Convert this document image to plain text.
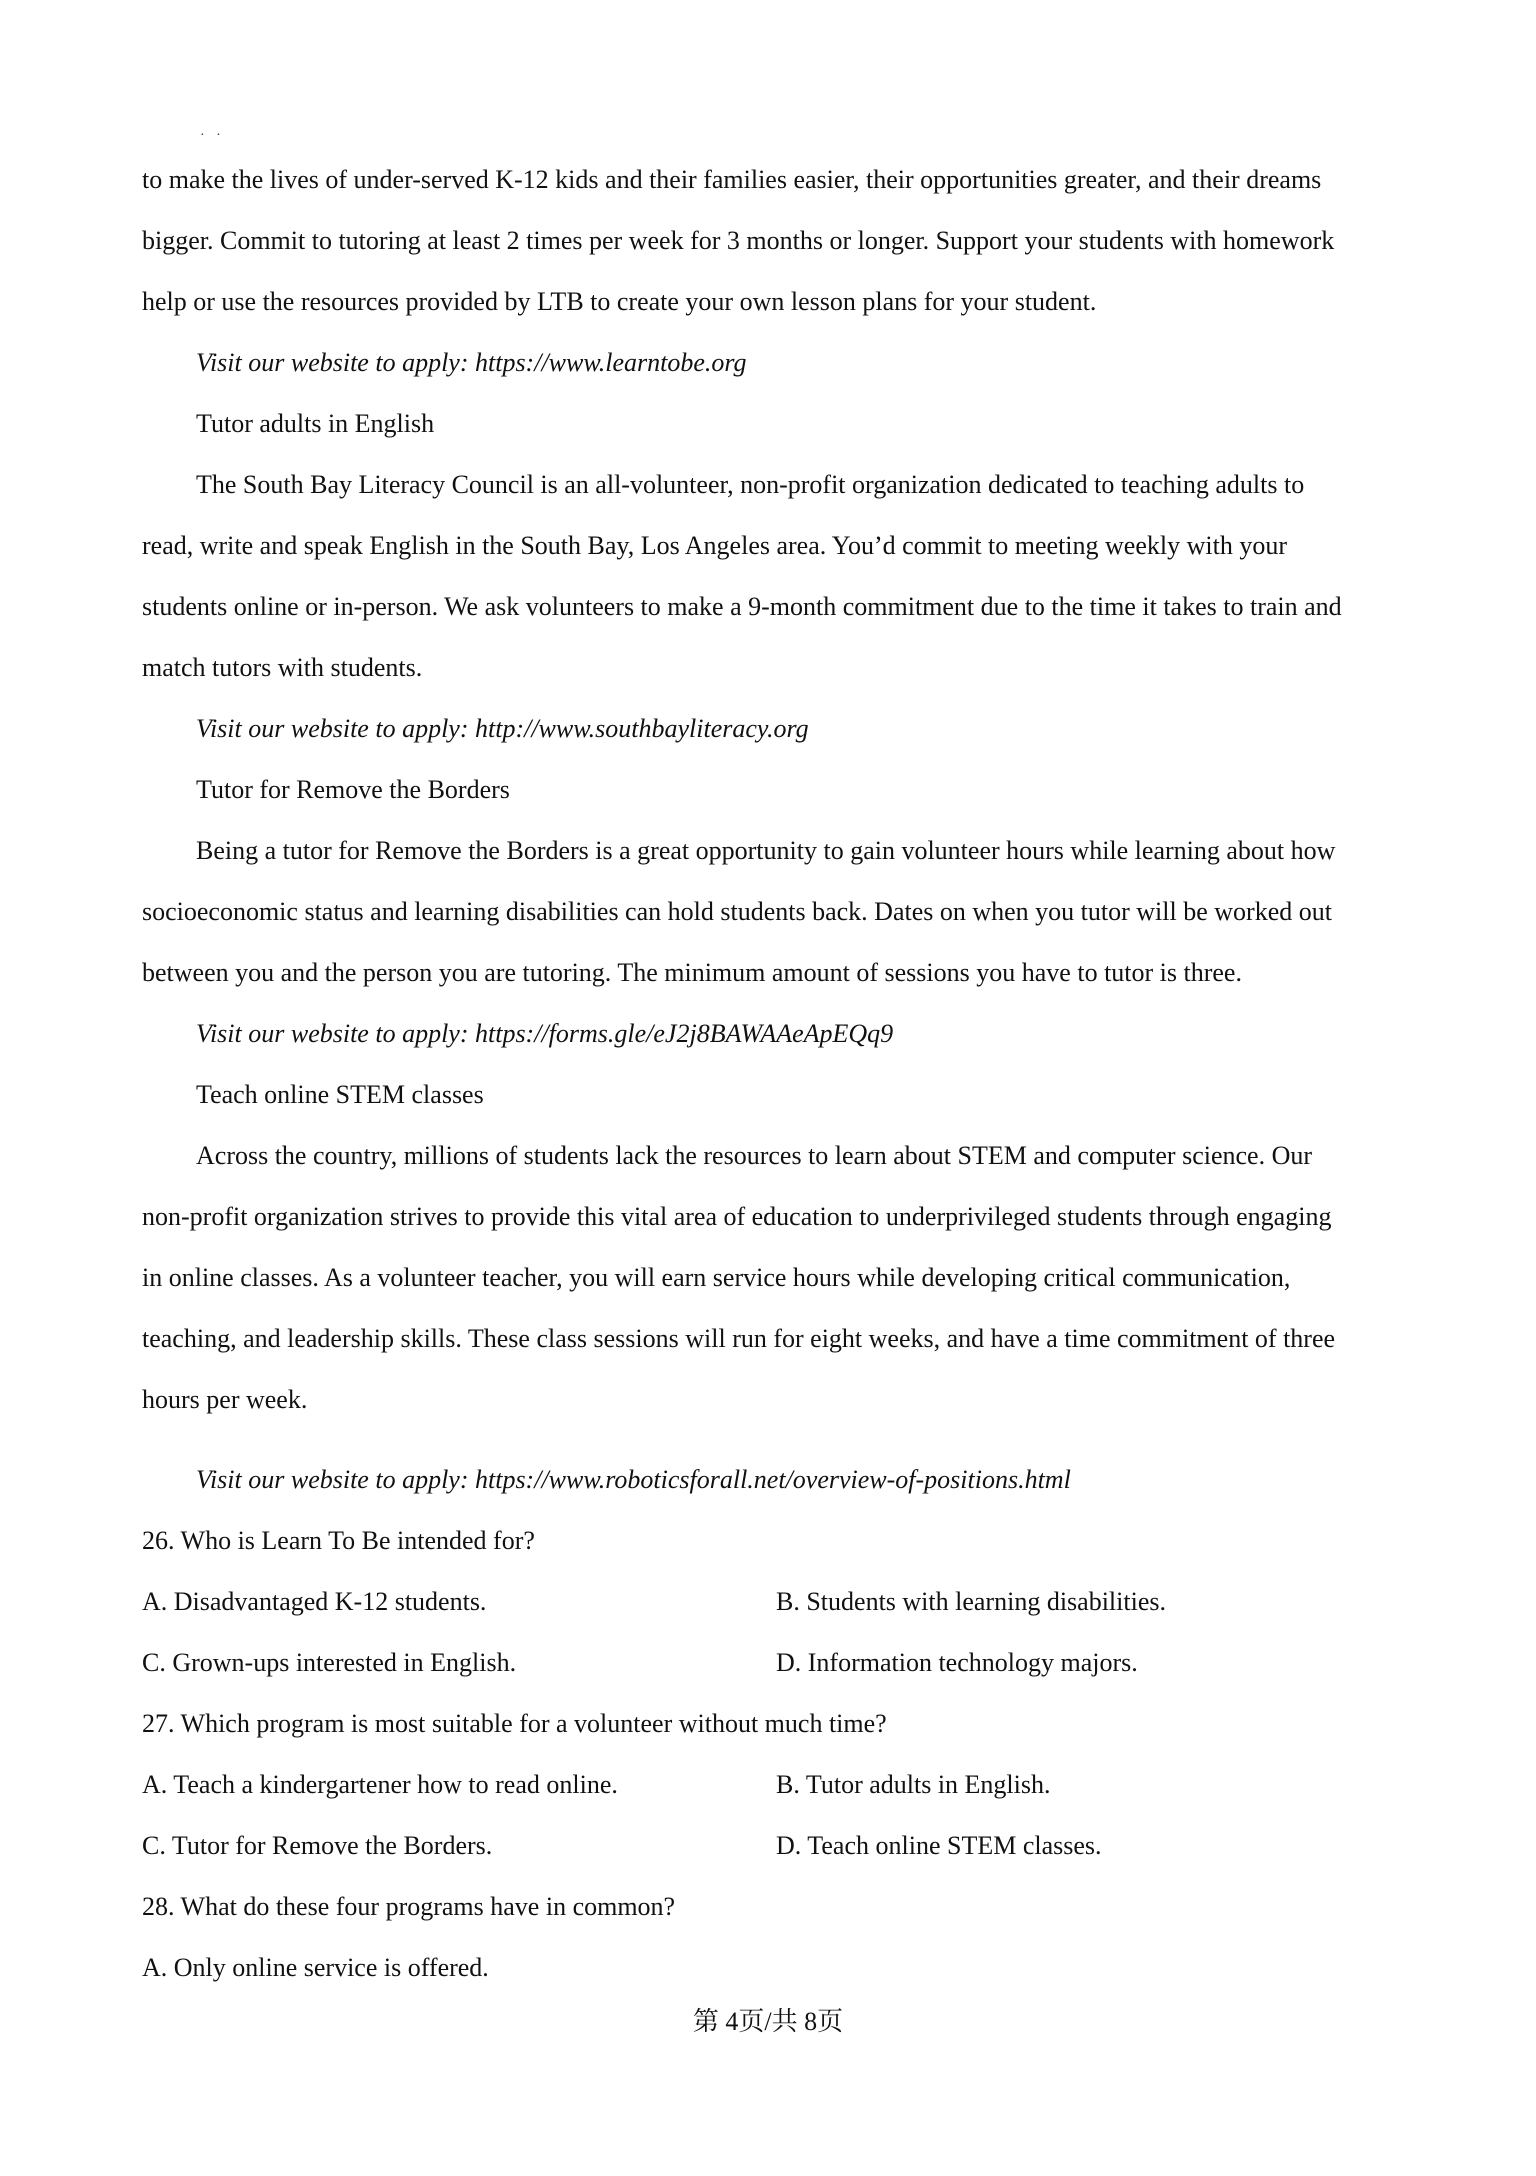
· ·
to make the lives of under-served K-12 kids and their families easier, their opportunities greater, and their dreams
bigger. Commit to tutoring at least 2 times per week for 3 months or longer. Support your students with homework
help or use the resources provided by LTB to create your own lesson plans for your student.
Visit our website to apply: https://www.learntobe.org
Tutor adults in English
The South Bay Literacy Council is an all-volunteer, non-profit organization dedicated to teaching adults to
read, write and speak English in the South Bay, Los Angeles area. You’d commit to meeting weekly with your
students online or in-person. We ask volunteers to make a 9-month commitment due to the time it takes to train and
match tutors with students.
Visit our website to apply: http://www.southbayliteracy.org
Tutor for Remove the Borders
Being a tutor for Remove the Borders is a great opportunity to gain volunteer hours while learning about how
socioeconomic status and learning disabilities can hold students back. Dates on when you tutor will be worked out
between you and the person you are tutoring. The minimum amount of sessions you have to tutor is three.
Visit our website to apply: https://forms.gle/eJ2j8BAWAAeApEQq9
Teach online STEM classes
Across the country, millions of students lack the resources to learn about STEM and computer science. Our
non-profit organization strives to provide this vital area of education to underprivileged students through engaging
in online classes. As a volunteer teacher, you will earn service hours while developing critical communication,
teaching, and leadership skills. These class sessions will run for eight weeks, and have a time commitment of three
hours per week.
Visit our website to apply: https://www.roboticsforall.net/overview-of-positions.html
26. Who is Learn To Be intended for?
A. Disadvantaged K-12 students.	B. Students with learning disabilities.
C. Grown-ups interested in English.	D. Information technology majors.
27. Which program is most suitable for a volunteer without much time?
A. Teach a kindergartener how to read online.	B. Tutor adults in English.
C. Tutor for Remove the Borders.	D. Teach online STEM classes.
28. What do these four programs have in common?
A. Only online service is offered.
第 4页/共 8页
